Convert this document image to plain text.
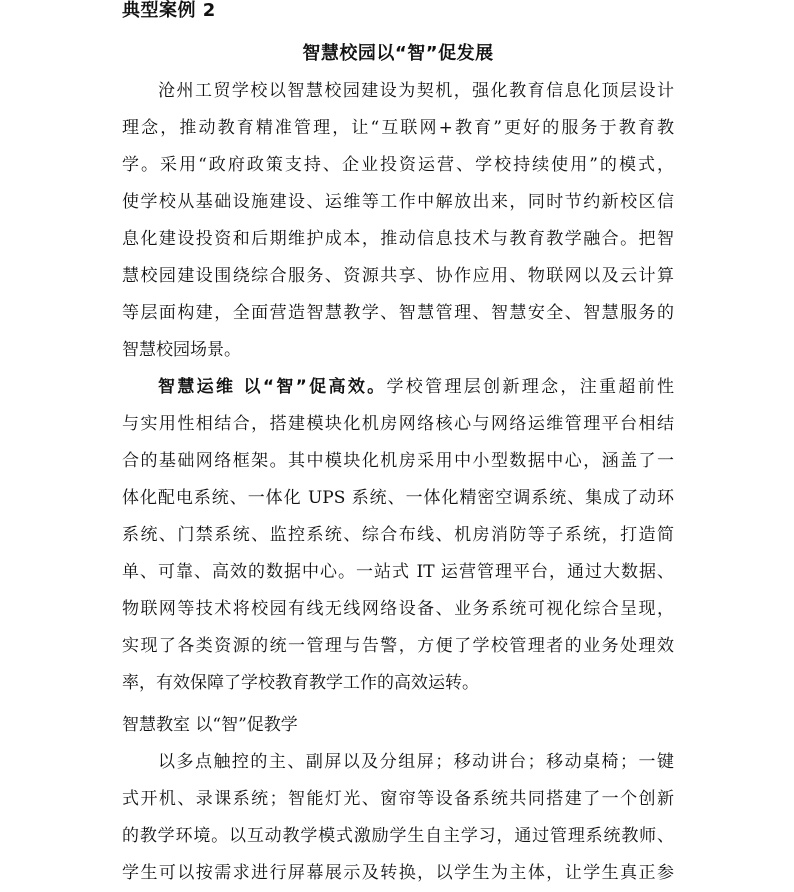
典型案例 2
智慧校园以“智”促发展
沧州工贸学校以智慧校园建设为契机，强化教育信息化顶层设计
理念，推动教育精准管理，让“互联网+教育”更好的服务于教育教
学。采用“政府政策支持、企业投资运营、学校持续使用”的模式，
使学校从基础设施建设、运维等工作中解放出来，同时节约新校区信
息化建设投资和后期维护成本，推动信息技术与教育教学融合。把智
慧校园建设围绕综合服务、资源共享、协作应用、物联网以及云计算
等层面构建，全面营造智慧教学、智慧管理、智慧安全、智慧服务的
智慧校园场景。
智慧运维 以“智”促高效。学校管理层创新理念，注重超前性
与实用性相结合，搭建模块化机房网络核心与网络运维管理平台相结
合的基础网络框架。其中模块化机房采用中小型数据中心，涵盖了一
体化配电系统、一体化 UPS 系统、一体化精密空调系统、集成了动环
系统、门禁系统、监控系统、综合布线、机房消防等子系统，打造简
单、可靠、高效的数据中心。一站式 IT 运营管理平台，通过大数据、
物联网等技术将校园有线无线网络设备、业务系统可视化综合呈现，
实现了各类资源的统一管理与告警，方便了学校管理者的业务处理效
率，有效保障了学校教育教学工作的高效运转。
智慧教室 以“智”促教学
以多点触控的主、副屏以及分组屏；移动讲台；移动桌椅；一键
式开机、录课系统；智能灯光、窗帘等设备系统共同搭建了一个创新
的教学环境。以互动教学模式激励学生自主学习，通过管理系统教师、
学生可以按需求进行屏幕展示及转换，以学生为主体，让学生真正参
